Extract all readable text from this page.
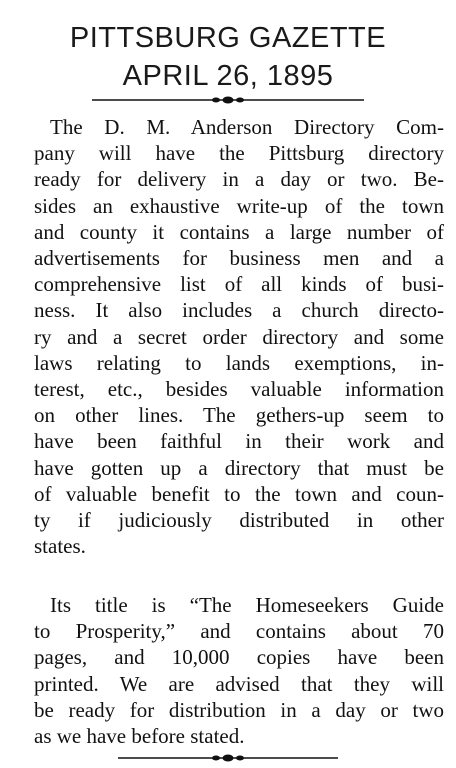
PITTSBURG GAZETTE
APRIL 26, 1895
The D. M. Anderson Directory Com-
pany will have the Pittsburg directory
ready for delivery in a day or two. Be-
sides an exhaustive write-up of the town
and county it contains a large number of
advertisements for business men and a
comprehensive list of all kinds of busi-
ness. It also includes a church directo-
ry and a secret order directory and some
laws relating to lands exemptions, in-
terest, etc., besides valuable information
on other lines. The gethers-up seem to
have been faithful in their work and
have gotten up a directory that must be
of valuable benefit to the town and coun-
ty if judiciously distributed in other
states.
Its title is “The Homeseekers Guide
to Prosperity,” and contains about 70
pages, and 10,000 copies have been
printed. We are advised that they will
be ready for distribution in a day or two
as we have before stated.
